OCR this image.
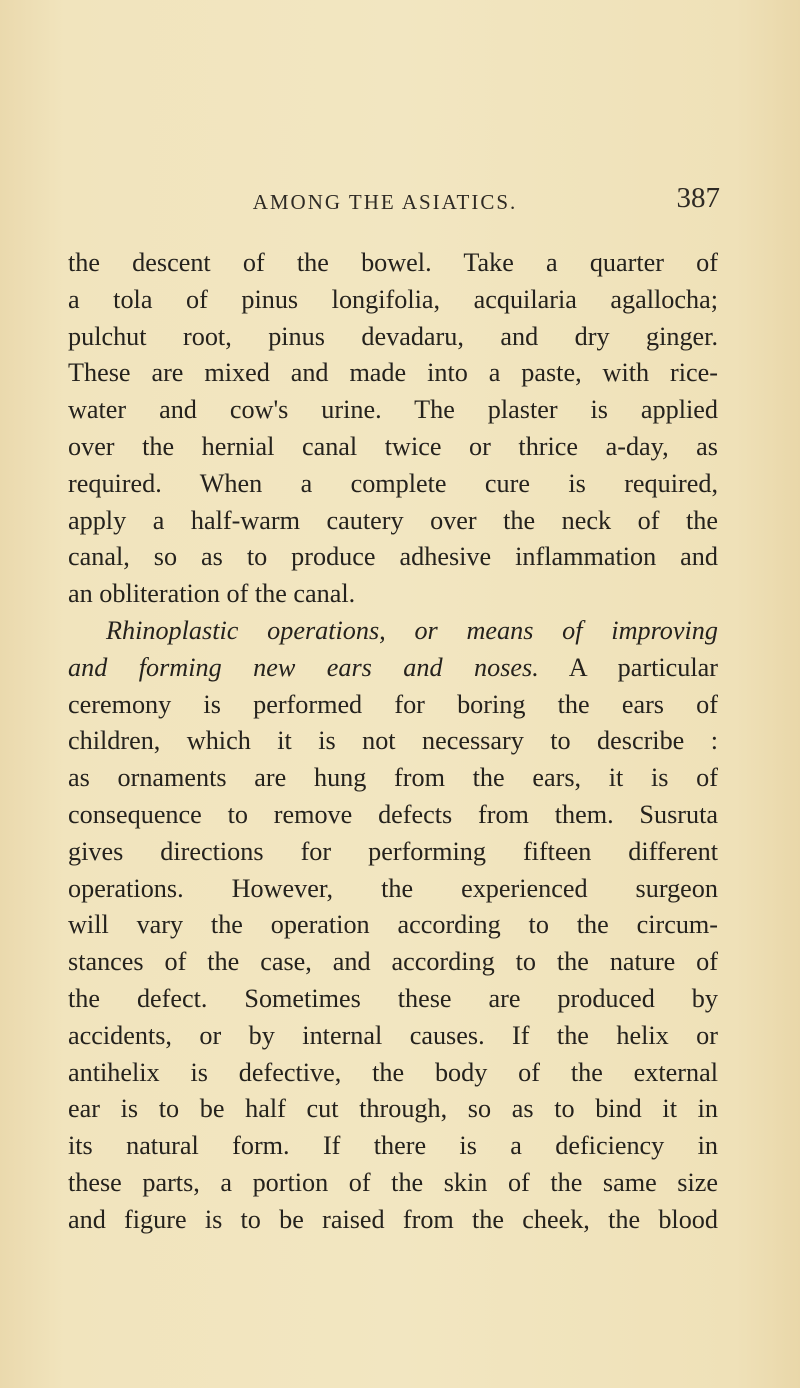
AMONG THE ASIATICS.	387
the descent of the bowel. Take a quarter of
a tola of pinus longifolia, acquilaria agallocha;
pulchut root, pinus devadaru, and dry ginger.
These are mixed and made into a paste, with rice-
water and cow's urine. The plaster is applied
over the hernial canal twice or thrice a-day, as
required. When a complete cure is required,
apply a half-warm cautery over the neck of the
canal, so as to produce adhesive inflammation and
an obliteration of the canal.
Rhinoplastic operations, or means of improving
and forming new ears and noses. A particular
ceremony is performed for boring the ears of
children, which it is not necessary to describe :
as ornaments are hung from the ears, it is of
consequence to remove defects from them. Susruta
gives directions for performing fifteen different
operations. However, the experienced surgeon
will vary the operation according to the circum-
stances of the case, and according to the nature of
the defect. Sometimes these are produced by
accidents, or by internal causes. If the helix or
antihelix is defective, the body of the external
ear is to be half cut through, so as to bind it in
its natural form. If there is a deficiency in
these parts, a portion of the skin of the same size
and figure is to be raised from the cheek, the blood
